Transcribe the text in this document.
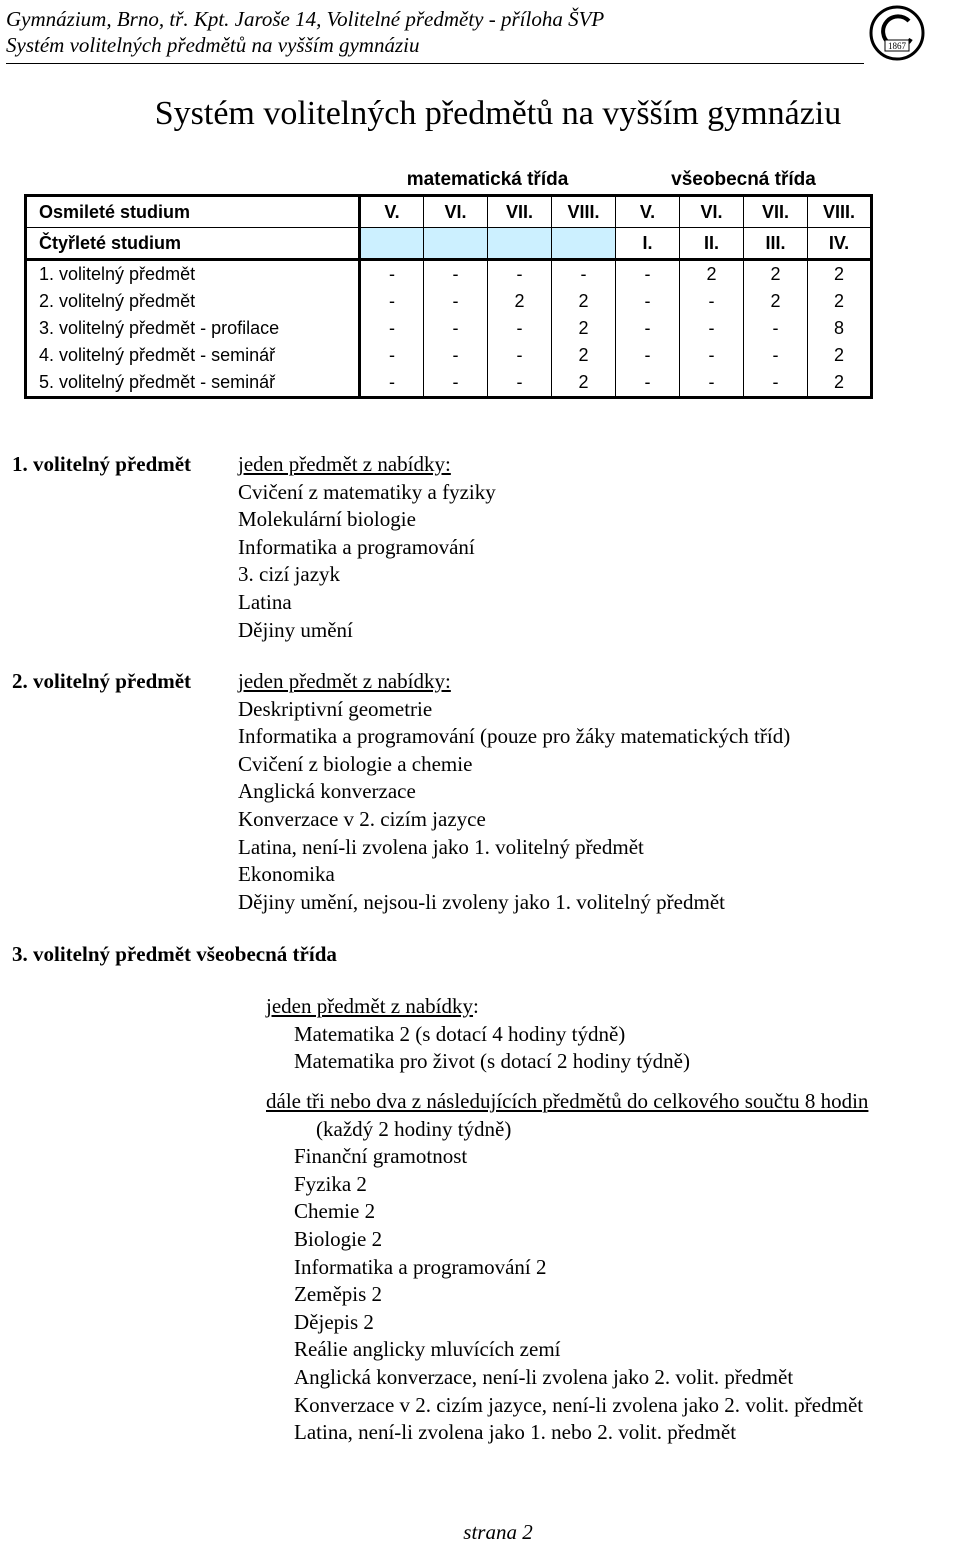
Gymnázium, Brno, tř. Kpt. Jaroše 14, Volitelné předměty - příloha ŠVP
Systém volitelných předmětů na vyšším gymnáziu	1867
Systém volitelných předmětů na vyšším gymnáziu
	matematická třída				všeobecná třída			
Osmileté studium	V.	VI.	VII.	VIII.	V.	VI.	VII.	VIII.
Čtyřleté studium					I.	II.	III.	IV.
1. volitelný předmět	-	-	-	-	-	2	2	2
2. volitelný předmět	-	-	2	2	-	-	2	2
3. volitelný předmět - profilace	-	-	-	2	-	-	-	8
4. volitelný předmět - seminář	-	-	-	2	-	-	-	2
5. volitelný předmět - seminář	-	-	-	2	-	-	-	2
1. volitelný předmět jeden předmět z nabídky:
Cvičení z matematiky a fyziky
Molekulární biologie
Informatika a programování
3. cizí jazyk
Latina
Dějiny umění
2. volitelný předmět jeden předmět z nabídky:
Deskriptivní geometrie
Informatika a programování (pouze pro žáky matematických tříd)
Cvičení z biologie a chemie
Anglická konverzace
Konverzace v 2. cizím jazyce
Latina, není-li zvolena jako 1. volitelný předmět
Ekonomika
Dějiny umění, nejsou-li zvoleny jako 1. volitelný předmět
3. volitelný předmět všeobecná třída
jeden předmět z nabídky:
Matematika 2 (s dotací 4 hodiny týdně)
Matematika pro život (s dotací 2 hodiny týdně)
dále tři nebo dva z následujících předmětů do celkového součtu 8 hodin
(každý 2 hodiny týdně)
Finanční gramotnost
Fyzika 2
Chemie 2
Biologie 2
Informatika a programování 2
Zeměpis 2
Dějepis 2
Reálie anglicky mluvících zemí
Anglická konverzace, není-li zvolena jako 2. volit. předmět
Konverzace v 2. cizím jazyce, není-li zvolena jako 2. volit. předmět
Latina, není-li zvolena jako 1. nebo 2. volit. předmět
strana 2
